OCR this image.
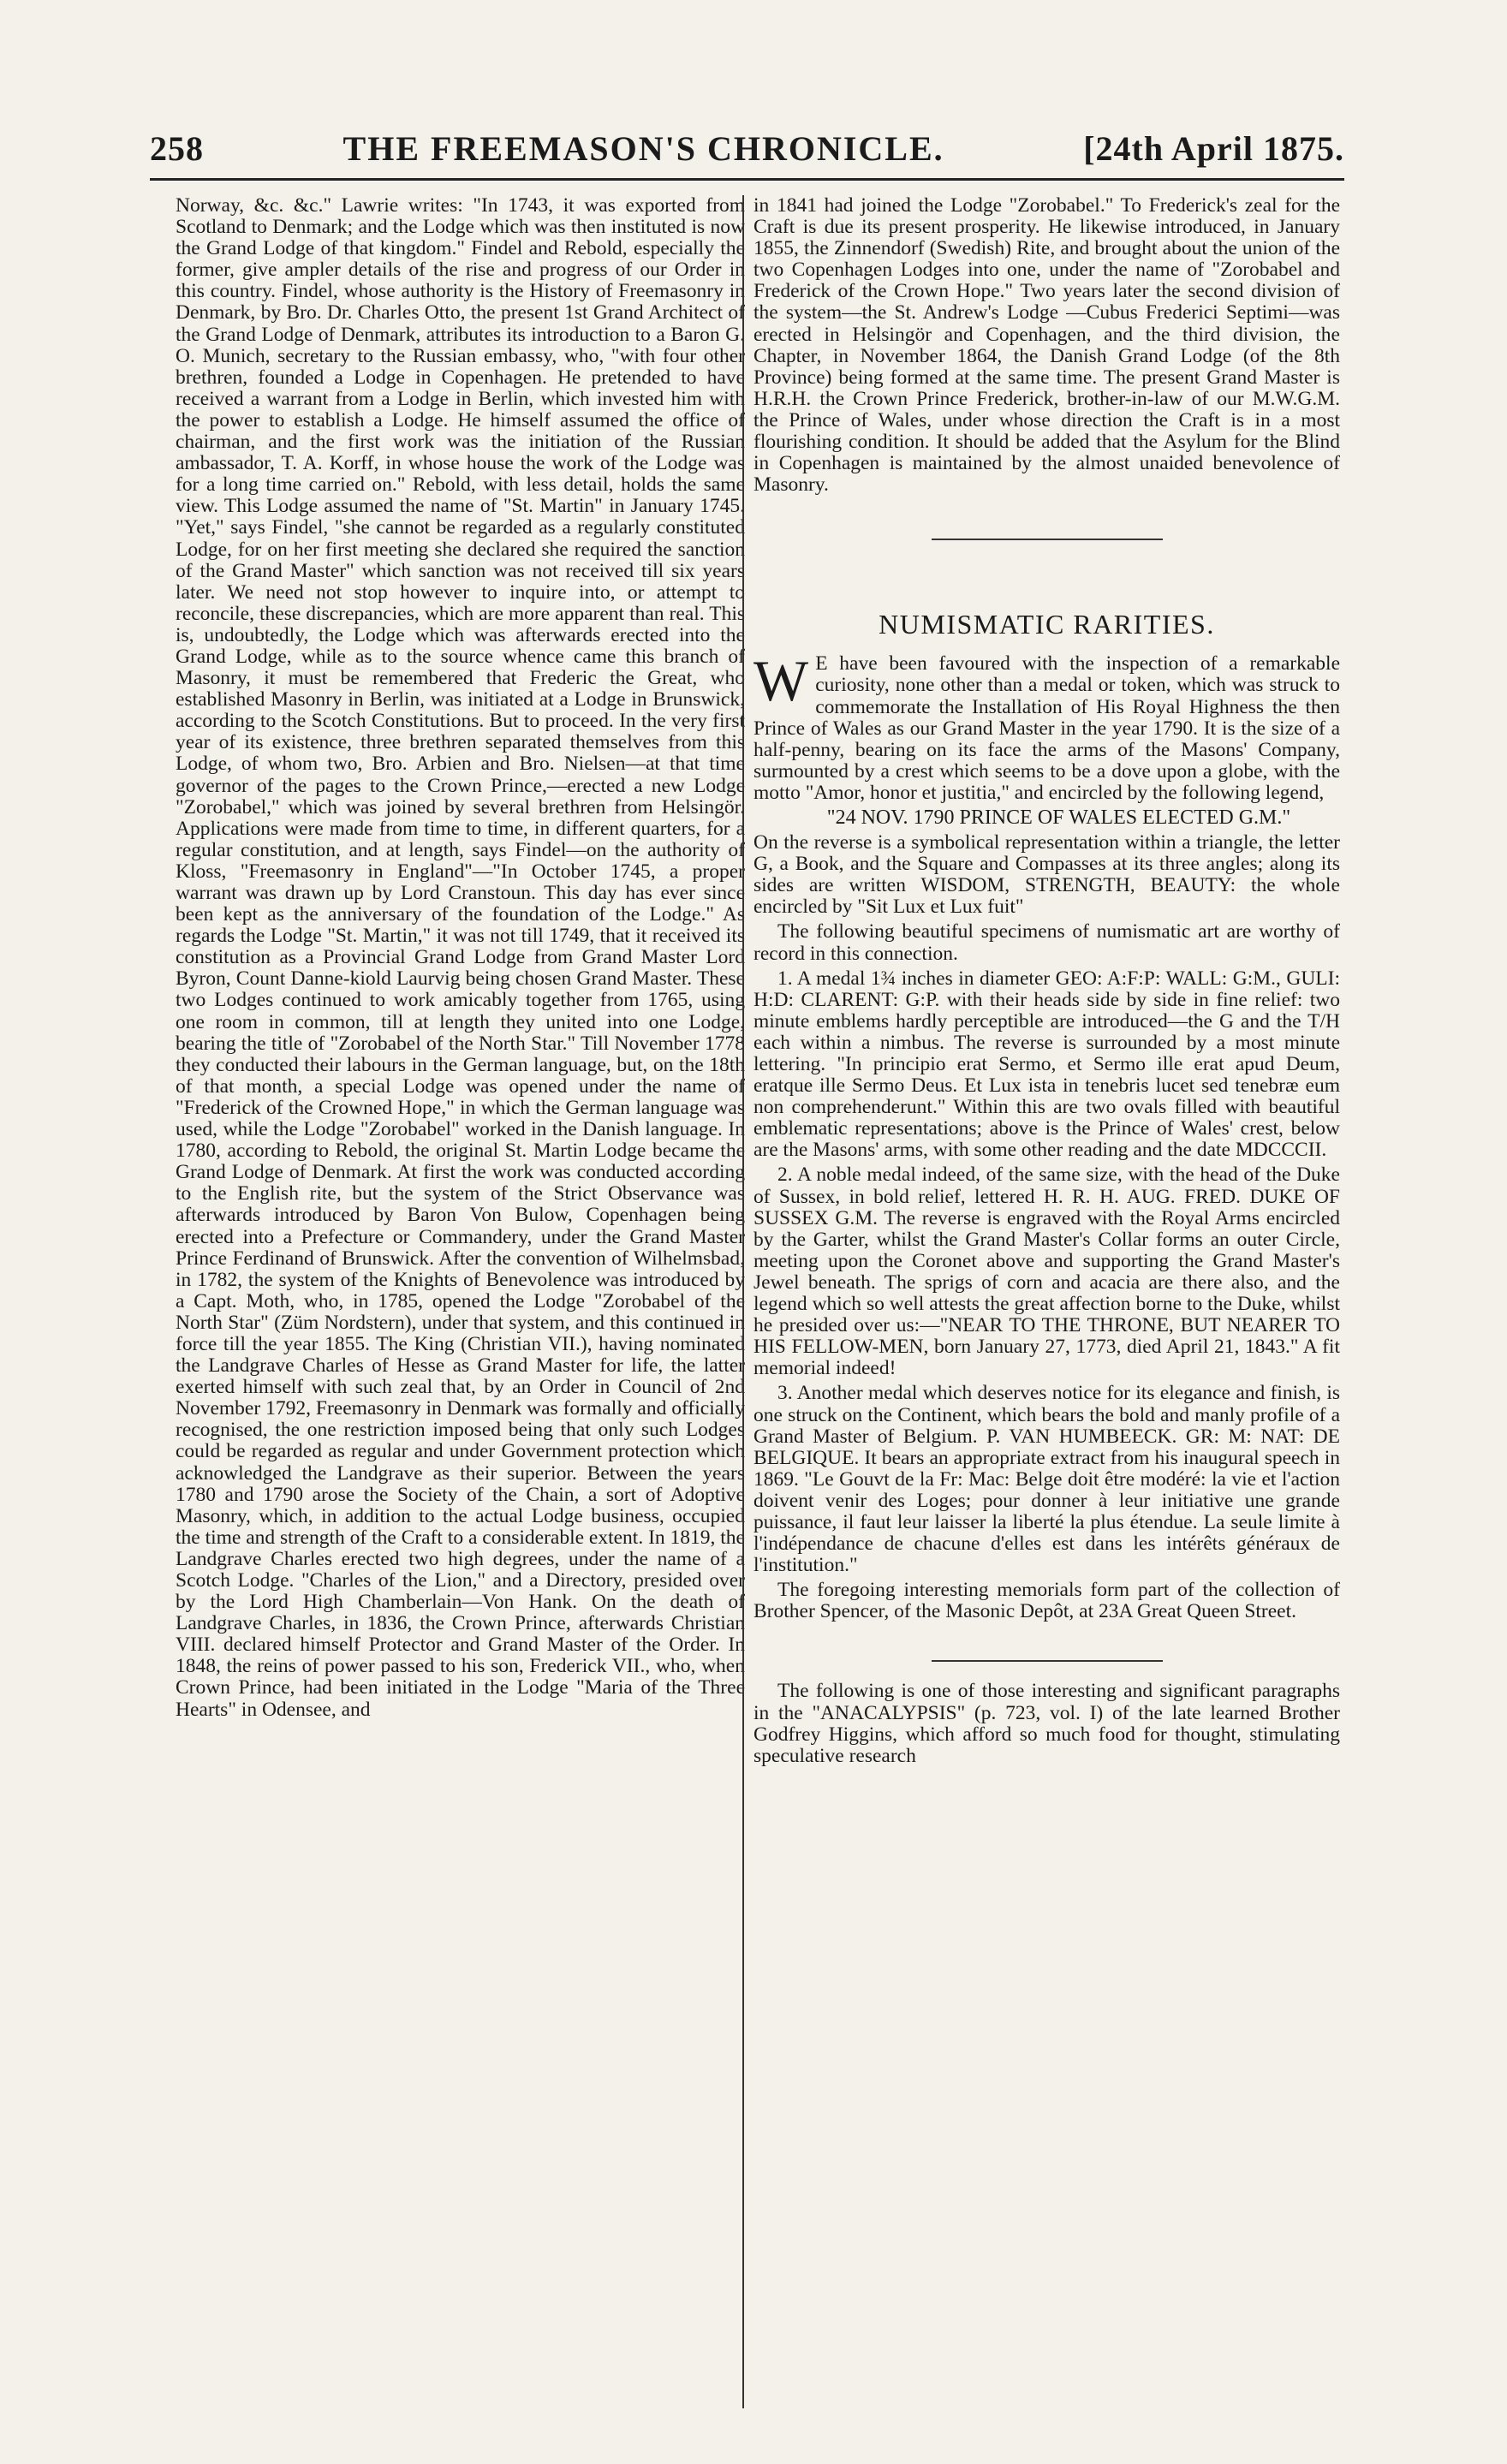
258	THE FREEMASON'S CHRONICLE.	[24th April 1875.

Norway, &c. &c." Lawrie writes: "In 1743, it was exported from Scotland to Denmark; and the Lodge which was then instituted is now the Grand Lodge of that kingdom." Findel and Rebold, especially the former, give ampler details of the rise and progress of our Order in this country. Findel, whose authority is the History of Freemasonry in Denmark, by Bro. Dr. Charles Otto, the present 1st Grand Architect of the Grand Lodge of Denmark, attributes its introduction to a Baron G. O. Munich, secretary to the Russian embassy, who, "with four other brethren, founded a Lodge in Copenhagen. He pretended to have received a warrant from a Lodge in Berlin, which invested him with the power to establish a Lodge. He himself assumed the office of chairman, and the first work was the initiation of the Russian ambassador, T. A. Korff, in whose house the work of the Lodge was for a long time carried on." Rebold, with less detail, holds the same view. This Lodge assumed the name of "St. Martin" in January 1745. "Yet," says Findel, "she cannot be regarded as a regularly constituted Lodge, for on her first meeting she declared she required the sanction of the Grand Master" which sanction was not received till six years later. We need not stop however to inquire into, or attempt to reconcile, these discrepancies, which are more apparent than real. This is, undoubtedly, the Lodge which was afterwards erected into the Grand Lodge, while as to the source whence came this branch of Masonry, it must be remembered that Frederic the Great, who established Masonry in Berlin, was initiated at a Lodge in Brunswick, according to the Scotch Constitutions. But to proceed. In the very first year of its existence, three brethren separated themselves from this Lodge, of whom two, Bro. Arbien and Bro. Nielsen—at that time governor of the pages to the Crown Prince,—erected a new Lodge "Zorobabel," which was joined by several brethren from Helsingör. Applications were made from time to time, in different quarters, for a regular constitution, and at length, says Findel—on the authority of Kloss, "Freemasonry in England"—"In October 1745, a proper warrant was drawn up by Lord Cranstoun. This day has ever since been kept as the anniversary of the foundation of the Lodge." As regards the Lodge "St. Martin," it was not till 1749, that it received its constitution as a Provincial Grand Lodge from Grand Master Lord Byron, Count Danne-kiold Laurvig being chosen Grand Master. These two Lodges continued to work amicably together from 1765, using one room in common, till at length they united into one Lodge, bearing the title of "Zorobabel of the North Star." Till November 1778 they conducted their labours in the German language, but, on the 18th of that month, a special Lodge was opened under the name of "Frederick of the Crowned Hope," in which the German language was used, while the Lodge "Zorobabel" worked in the Danish language. In 1780, according to Rebold, the original St. Martin Lodge became the Grand Lodge of Denmark. At first the work was conducted according to the English rite, but the system of the Strict Observance was afterwards introduced by Baron Von Bulow, Copenhagen being erected into a Prefecture or Commandery, under the Grand Master Prince Ferdinand of Brunswick. After the convention of Wilhelmsbad, in 1782, the system of the Knights of Benevolence was introduced by a Capt. Moth, who, in 1785, opened the Lodge "Zorobabel of the North Star" (Züm Nordstern), under that system, and this continued in force till the year 1855. The King (Christian VII.), having nominated the Landgrave Charles of Hesse as Grand Master for life, the latter exerted himself with such zeal that, by an Order in Council of 2nd November 1792, Freemasonry in Denmark was formally and officially recognised, the one restriction imposed being that only such Lodges could be regarded as regular and under Government protection which acknowledged the Landgrave as their superior. Between the years 1780 and 1790 arose the Society of the Chain, a sort of Adoptive Masonry, which, in addition to the actual Lodge business, occupied the time and strength of the Craft to a considerable extent. In 1819, the Landgrave Charles erected two high degrees, under the name of a Scotch Lodge. "Charles of the Lion," and a Directory, presided over by the Lord High Chamberlain—Von Hank. On the death of Landgrave Charles, in 1836, the Crown Prince, afterwards Christian VIII. declared himself Protector and Grand Master of the Order. In 1848, the reins of power passed to his son, Frederick VII., who, when Crown Prince, had been initiated in the Lodge "Maria of the Three Hearts" in Odensee, and

in 1841 had joined the Lodge "Zorobabel." To Frederick's zeal for the Craft is due its present prosperity. He likewise introduced, in January 1855, the Zinnendorf (Swedish) Rite, and brought about the union of the two Copenhagen Lodges into one, under the name of "Zorobabel and Frederick of the Crown Hope." Two years later the second division of the system—the St. Andrew's Lodge —Cubus Frederici Septimi—was erected in Helsingör and Copenhagen, and the third division, the Chapter, in November 1864, the Danish Grand Lodge (of the 8th Province) being formed at the same time. The present Grand Master is H.R.H. the Crown Prince Frederick, brother-in-law of our M.W.G.M. the Prince of Wales, under whose direction the Craft is in a most flourishing condition. It should be added that the Asylum for the Blind in Copenhagen is maintained by the almost unaided benevolence of Masonry.

NUMISMATIC RARITIES.

W E have been favoured with the inspection of a remarkable curiosity, none other than a medal or token, which was struck to commemorate the Installation of His Royal Highness the then Prince of Wales as our Grand Master in the year 1790. It is the size of a half-penny, bearing on its face the arms of the Masons' Company, surmounted by a crest which seems to be a dove upon a globe, with the motto "Amor, honor et justitia," and encircled by the following legend,

"24 NOV. 1790 PRINCE OF WALES ELECTED G.M."

On the reverse is a symbolical representation within a triangle, the letter G, a Book, and the Square and Compasses at its three angles; along its sides are written WISDOM, STRENGTH, BEAUTY: the whole encircled by "Sit Lux et Lux fuit"

The following beautiful specimens of numismatic art are worthy of record in this connection.

1. A medal 1¾ inches in diameter GEO: A:F:P: WALL: G:M., GULI: H:D: CLARENT: G:P. with their heads side by side in fine relief: two minute emblems hardly perceptible are introduced—the G and the T/H each within a nimbus. The reverse is surrounded by a most minute lettering. "In principio erat Sermo, et Sermo ille erat apud Deum, eratque ille Sermo Deus. Et Lux ista in tenebris lucet sed tenebræ eum non comprehenderunt." Within this are two ovals filled with beautiful emblematic representations; above is the Prince of Wales' crest, below are the Masons' arms, with some other reading and the date MDCCCII.

2. A noble medal indeed, of the same size, with the head of the Duke of Sussex, in bold relief, lettered H. R. H. AUG. FRED. DUKE OF SUSSEX G.M. The reverse is engraved with the Royal Arms encircled by the Garter, whilst the Grand Master's Collar forms an outer Circle, meeting upon the Coronet above and supporting the Grand Master's Jewel beneath. The sprigs of corn and acacia are there also, and the legend which so well attests the great affection borne to the Duke, whilst he presided over us:—"NEAR TO THE THRONE, BUT NEARER TO HIS FELLOW-MEN, born January 27, 1773, died April 21, 1843." A fit memorial indeed!

3. Another medal which deserves notice for its elegance and finish, is one struck on the Continent, which bears the bold and manly profile of a Grand Master of Belgium. P. VAN HUMBEECK. GR: M: NAT: DE BELGIQUE. It bears an appropriate extract from his inaugural speech in 1869. "Le Gouvt de la Fr: Mac: Belge doit être modéré: la vie et l'action doivent venir des Loges; pour donner à leur initiative une grande puissance, il faut leur laisser la liberté la plus étendue. La seule limite à l'indépendance de chacune d'elles est dans les intérêts généraux de l'institution."

The foregoing interesting memorials form part of the collection of Brother Spencer, of the Masonic Depôt, at 23A Great Queen Street.

The following is one of those interesting and significant paragraphs in the "ANACALYPSIS" (p. 723, vol. I) of the late learned Brother Godfrey Higgins, which afford so much food for thought, stimulating speculative research
